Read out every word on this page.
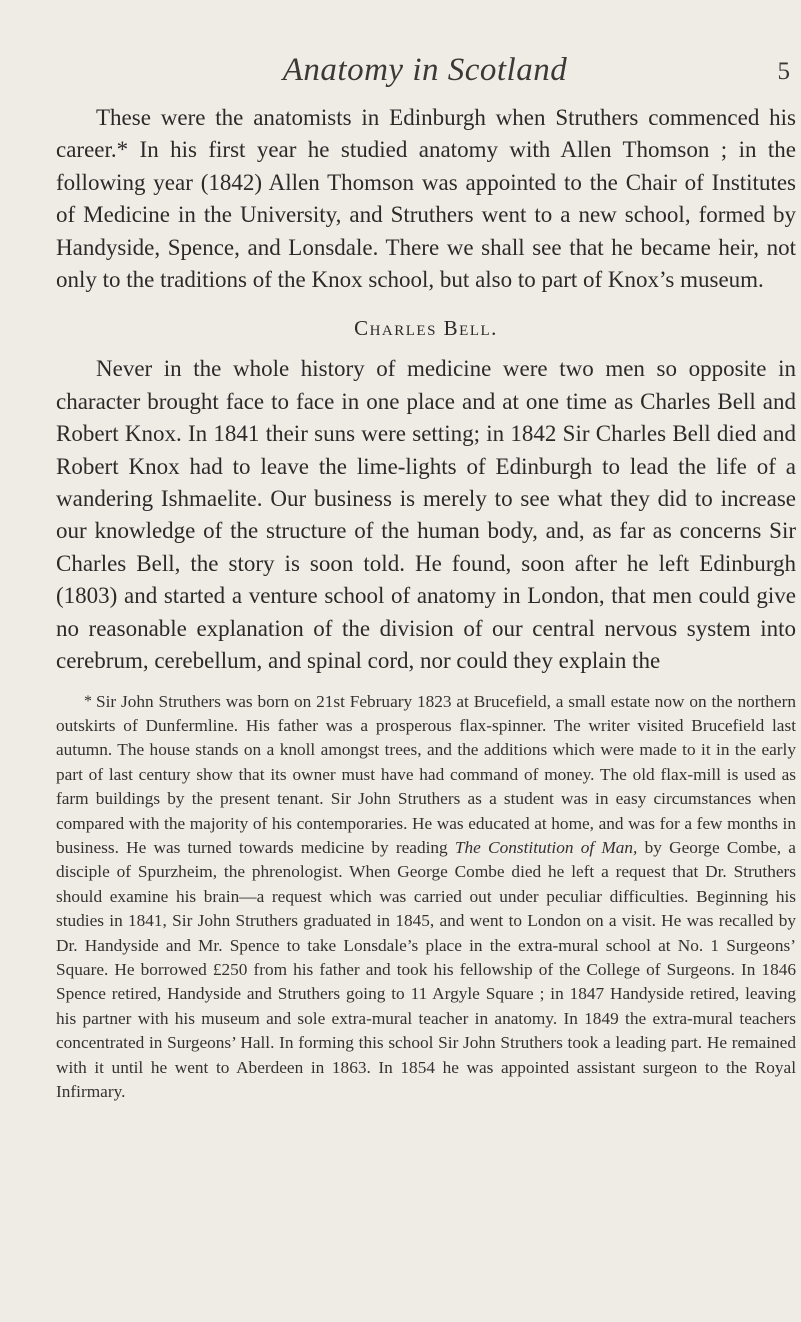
Anatomy in Scotland	5

These were the anatomists in Edinburgh when Struthers commenced his career.* In his first year he studied anatomy with Allen Thomson ; in the following year (1842) Allen Thomson was appointed to the Chair of Institutes of Medicine in the University, and Struthers went to a new school, formed by Handyside, Spence, and Lonsdale. There we shall see that he became heir, not only to the traditions of the Knox school, but also to part of Knox’s museum.

Charles Bell.

Never in the whole history of medicine were two men so opposite in character brought face to face in one place and at one time as Charles Bell and Robert Knox. In 1841 their suns were setting; in 1842 Sir Charles Bell died and Robert Knox had to leave the lime-lights of Edinburgh to lead the life of a wandering Ishmaelite. Our business is merely to see what they did to increase our knowledge of the structure of the human body, and, as far as concerns Sir Charles Bell, the story is soon told. He found, soon after he left Edinburgh (1803) and started a venture school of anatomy in London, that men could give no reasonable explanation of the division of our central nervous system into cerebrum, cerebellum, and spinal cord, nor could they explain the

* Sir John Struthers was born on 21st February 1823 at Brucefield, a small estate now on the northern outskirts of Dunfermline. His father was a prosperous flax-spinner. The writer visited Brucefield last autumn. The house stands on a knoll amongst trees, and the additions which were made to it in the early part of last century show that its owner must have had command of money. The old flax-mill is used as farm buildings by the present tenant. Sir John Struthers as a student was in easy circumstances when compared with the majority of his contemporaries. He was educated at home, and was for a few months in business. He was turned towards medicine by reading The Constitution of Man, by George Combe, a disciple of Spurzheim, the phrenologist. When George Combe died he left a request that Dr. Struthers should examine his brain—a request which was carried out under peculiar difficulties. Beginning his studies in 1841, Sir John Struthers graduated in 1845, and went to London on a visit. He was recalled by Dr. Handyside and Mr. Spence to take Lonsdale’s place in the extra-mural school at No. 1 Surgeons’ Square. He borrowed £250 from his father and took his fellowship of the College of Surgeons. In 1846 Spence retired, Handyside and Struthers going to 11 Argyle Square ; in 1847 Handyside retired, leaving his partner with his museum and sole extra-mural teacher in anatomy. In 1849 the extra-mural teachers concentrated in Surgeons’ Hall. In forming this school Sir John Struthers took a leading part. He remained with it until he went to Aberdeen in 1863. In 1854 he was appointed assistant surgeon to the Royal Infirmary.
